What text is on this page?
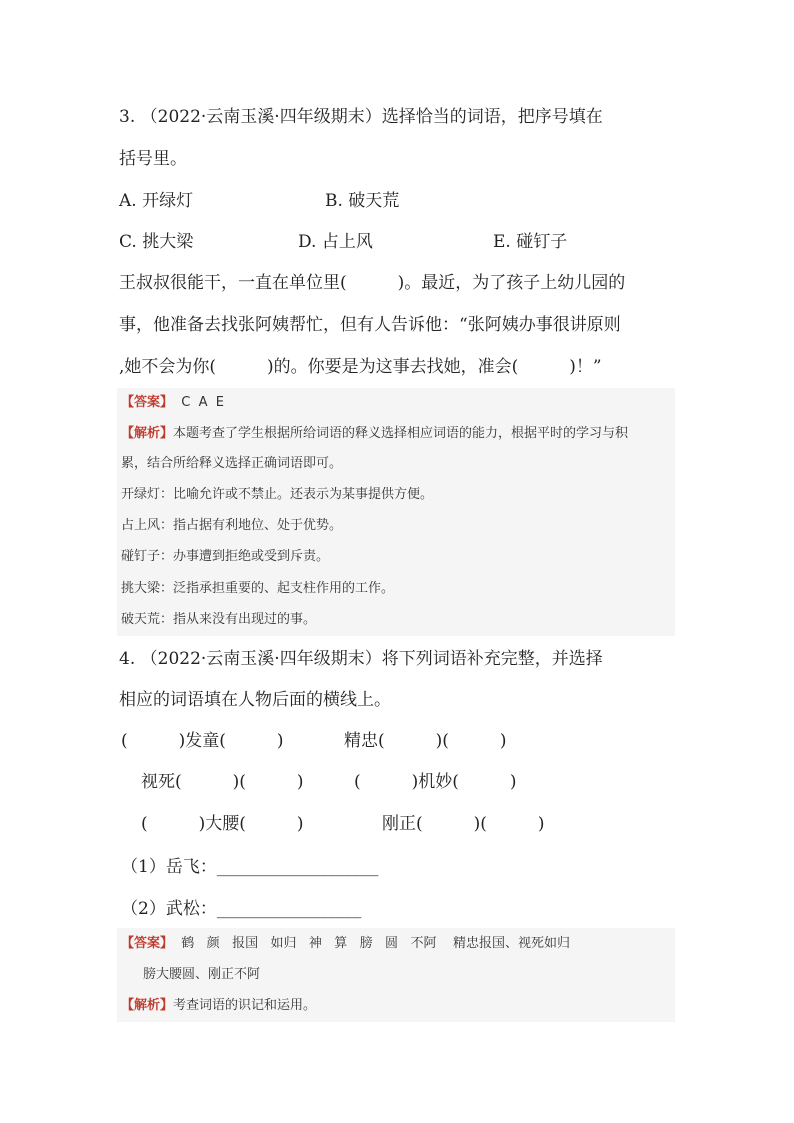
3. （2022·云南玉溪·四年级期末）选择恰当的词语，把序号填在
括号里。
A. 开绿灯	B. 破天荒
C. 挑大梁	D. 占上风	E. 碰钉子
王叔叔很能干，一直在单位里(　　　)。最近，为了孩子上幼儿园的
事，他准备去找张阿姨帮忙，但有人告诉他：“张阿姨办事很讲原则
,她不会为你(　　　)的。你要是为这事去找她，准会(　　　)！”
【答案】  C  A  E
【解析】本题考查了学生根据所给词语的释义选择相应词语的能力，根据平时的学习与积
累，结合所给释义选择正确词语即可。
开绿灯：比喻允许或不禁止。还表示为某事提供方便。
占上风：指占据有利地位、处于优势。
碰钉子：办事遭到拒绝或受到斥责。
挑大梁：泛指承担重要的、起支柱作用的工作。
破天荒：指从来没有出现过的事。
4. （2022·云南玉溪·四年级期末）将下列词语补充完整，并选择
相应的词语填在人物后面的横线上。
(　　　)发童(　　　)	精忠(　　　)(　　　)
视死(　　　)(　　　)	(　　　)机妙(　　　)
(　　　)大腰(　　　)	刚正(　　　)(　　　)
（1）岳飞：___________________
（2）武松：_________________
【答案】  鹤   颜   报国   如归   神   算   膀   圆   不阿    精忠报国、视死如归
膀大腰圆、刚正不阿
【解析】考查词语的识记和运用。
